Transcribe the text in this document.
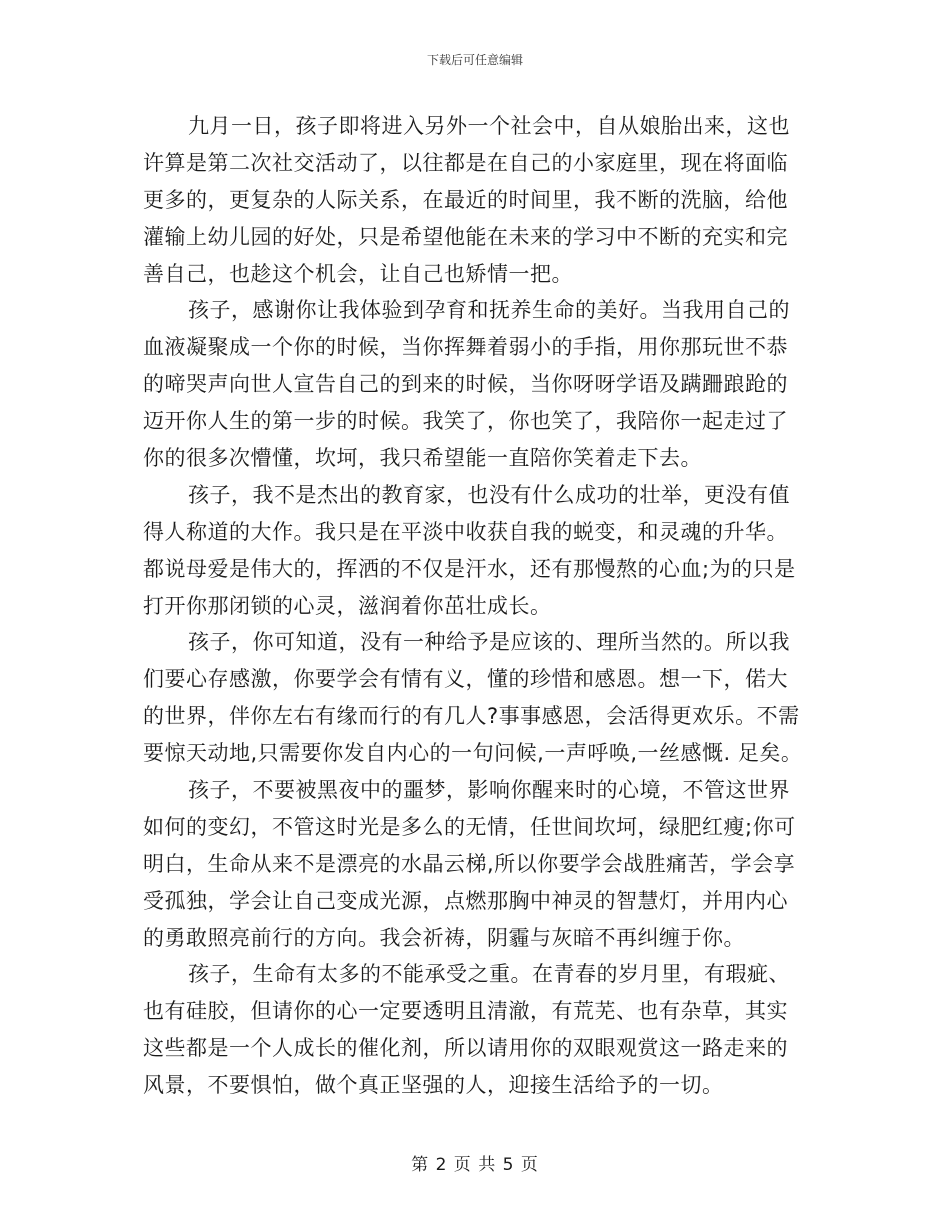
下载后可任意编辑
九月一日，孩子即将进入另外一个社会中，自从娘胎出来，这也
许算是第二次社交活动了，以往都是在自己的小家庭里，现在将面临
更多的，更复杂的人际关系，在最近的时间里，我不断的洗脑，给他
灌输上幼儿园的好处，只是希望他能在未来的学习中不断的充实和完
善自己，也趁这个机会，让自己也矫情一把。
孩子，感谢你让我体验到孕育和抚养生命的美好。当我用自己的
血液凝聚成一个你的时候，当你挥舞着弱小的手指，用你那玩世不恭
的啼哭声向世人宣告自己的到来的时候，当你呀呀学语及蹒跚踉跄的
迈开你人生的第一步的时候。我笑了，你也笑了，我陪你一起走过了
你的很多次懵懂，坎坷，我只希望能一直陪你笑着走下去。
孩子，我不是杰出的教育家，也没有什么成功的壮举，更没有值
得人称道的大作。我只是在平淡中收获自我的蜕变，和灵魂的升华。
都说母爱是伟大的，挥洒的不仅是汗水，还有那慢熬的心血;为的只是
打开你那闭锁的心灵，滋润着你茁壮成长。
孩子，你可知道，没有一种给予是应该的、理所当然的。所以我
们要心存感激，你要学会有情有义，懂的珍惜和感恩。想一下，偌大
的世界，伴你左右有缘而行的有几人?事事感恩，会活得更欢乐。不需
要惊天动地,只需要你发自内心的一句问候,一声呼唤,一丝感慨. 足矣。
孩子，不要被黑夜中的噩梦，影响你醒来时的心境，不管这世界
如何的变幻，不管这时光是多么的无情，任世间坎坷，绿肥红瘦;你可
明白，生命从来不是漂亮的水晶云梯,所以你要学会战胜痛苦，学会享
受孤独，学会让自己变成光源，点燃那胸中神灵的智慧灯，并用内心
的勇敢照亮前行的方向。我会祈祷，阴霾与灰暗不再纠缠于你。
孩子，生命有太多的不能承受之重。在青春的岁月里，有瑕疵、
也有硅胶，但请你的心一定要透明且清澈，有荒芜、也有杂草，其实
这些都是一个人成长的催化剂，所以请用你的双眼观赏这一路走来的
风景，不要惧怕，做个真正坚强的人，迎接生活给予的一切。
第 2 页 共 5 页
